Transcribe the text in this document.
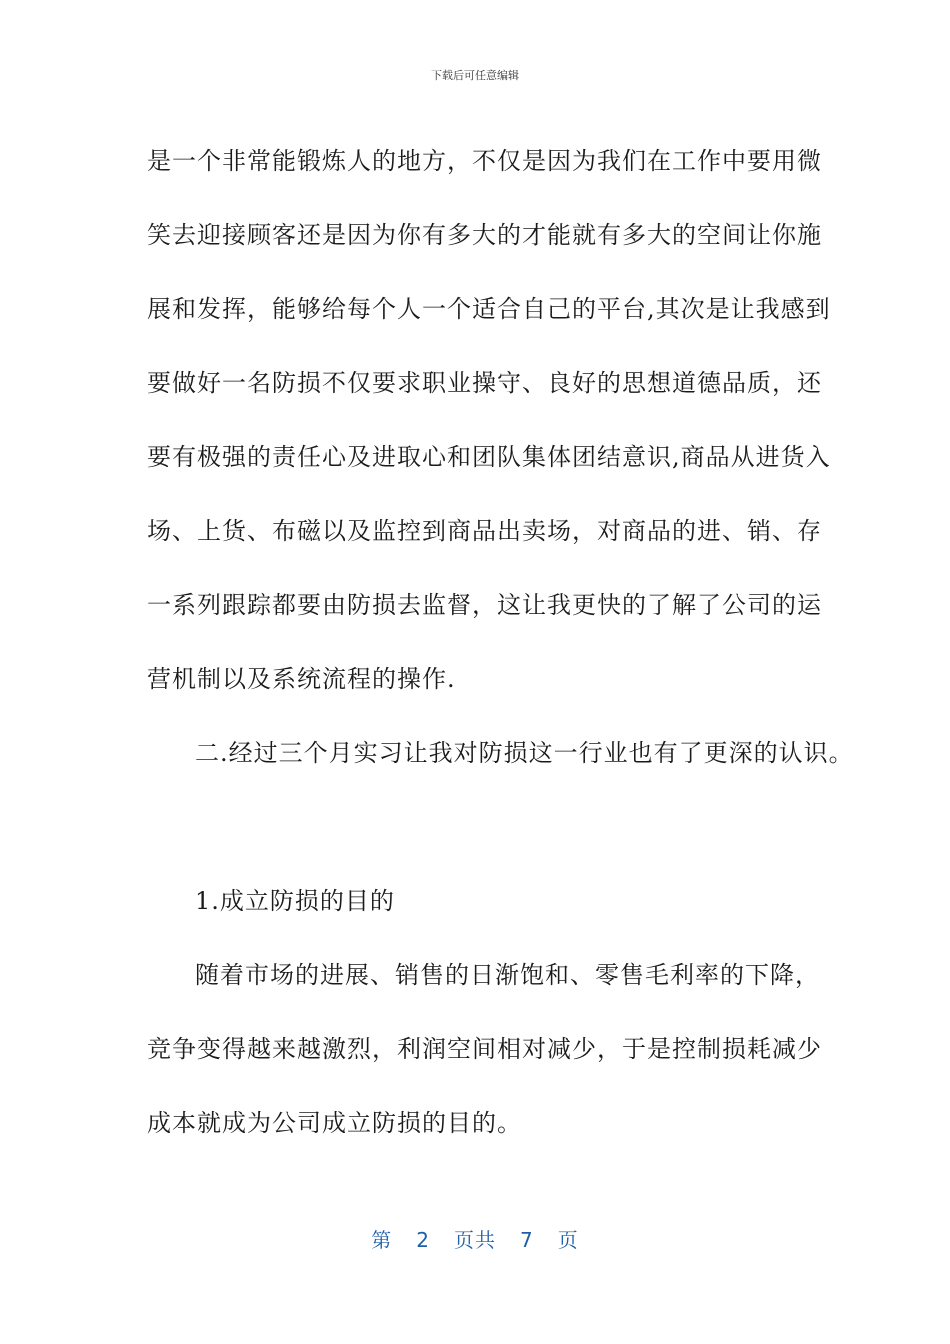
下载后可任意编辑
是一个非常能锻炼人的地方，不仅是因为我们在工作中要用微
笑去迎接顾客还是因为你有多大的才能就有多大的空间让你施
展和发挥，能够给每个人一个适合自己的平台,其次是让我感到
要做好一名防损不仅要求职业操守、良好的思想道德品质，还
要有极强的责任心及进取心和团队集体团结意识,商品从进货入
场、上货、布磁以及监控到商品出卖场，对商品的进、销、存
一系列跟踪都要由防损去监督，这让我更快的了解了公司的运
营机制以及系统流程的操作.
二.经过三个月实习让我对防损这一行业也有了更深的认识。
1.成立防损的目的
随着市场的进展、销售的日渐饱和、零售毛利率的下降，
竞争变得越来越激烈，利润空间相对减少，于是控制损耗减少
成本就成为公司成立防损的目的。
第 2 页共 7 页
